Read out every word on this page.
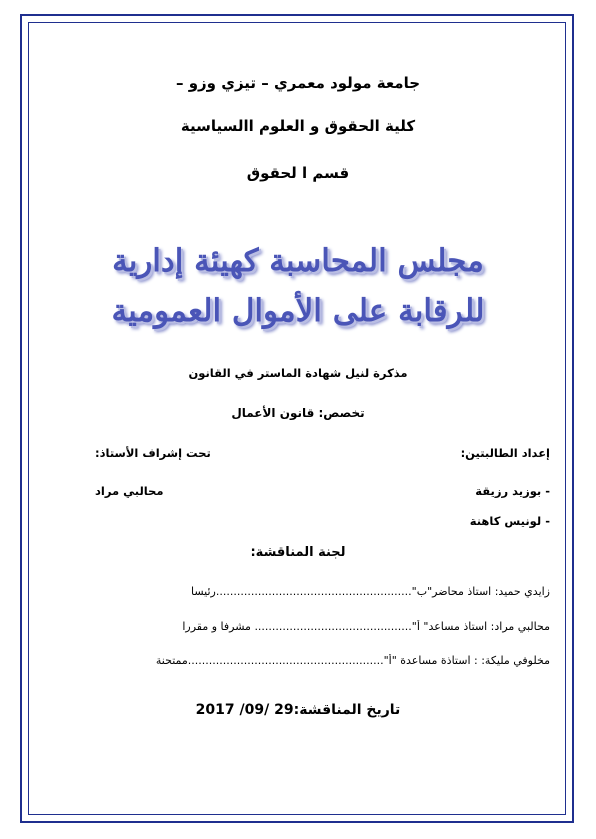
جامعة مولود معمري – تيزي وزو –
كلية الحقوق و العلوم االسياسية
قسم ا لحقوق
مجلس المحاسبة كهيئة إدارية
للرقابة على الأموال العمومية
مذكرة لنيل شهادة الماستر في القانون
تخصص: قانون الأعمال
إعداد الطالبتين:
تحت إشراف الأستاذ:
- بوزيد رزيقة
محالبي مراد
- لونيس كاهنة
لجنة المناقشة:
زايدي حميد: استاذ محاضر"ب"........................................................رئيسا
محالبي مراد: استاذ مساعد" أ"............................................. مشرفا و مقررا
مخلوفي مليكة: : استاذة مساعدة "أ"........................................................ممتحنة
تاريخ المناقشة:29 /09/ 2017
